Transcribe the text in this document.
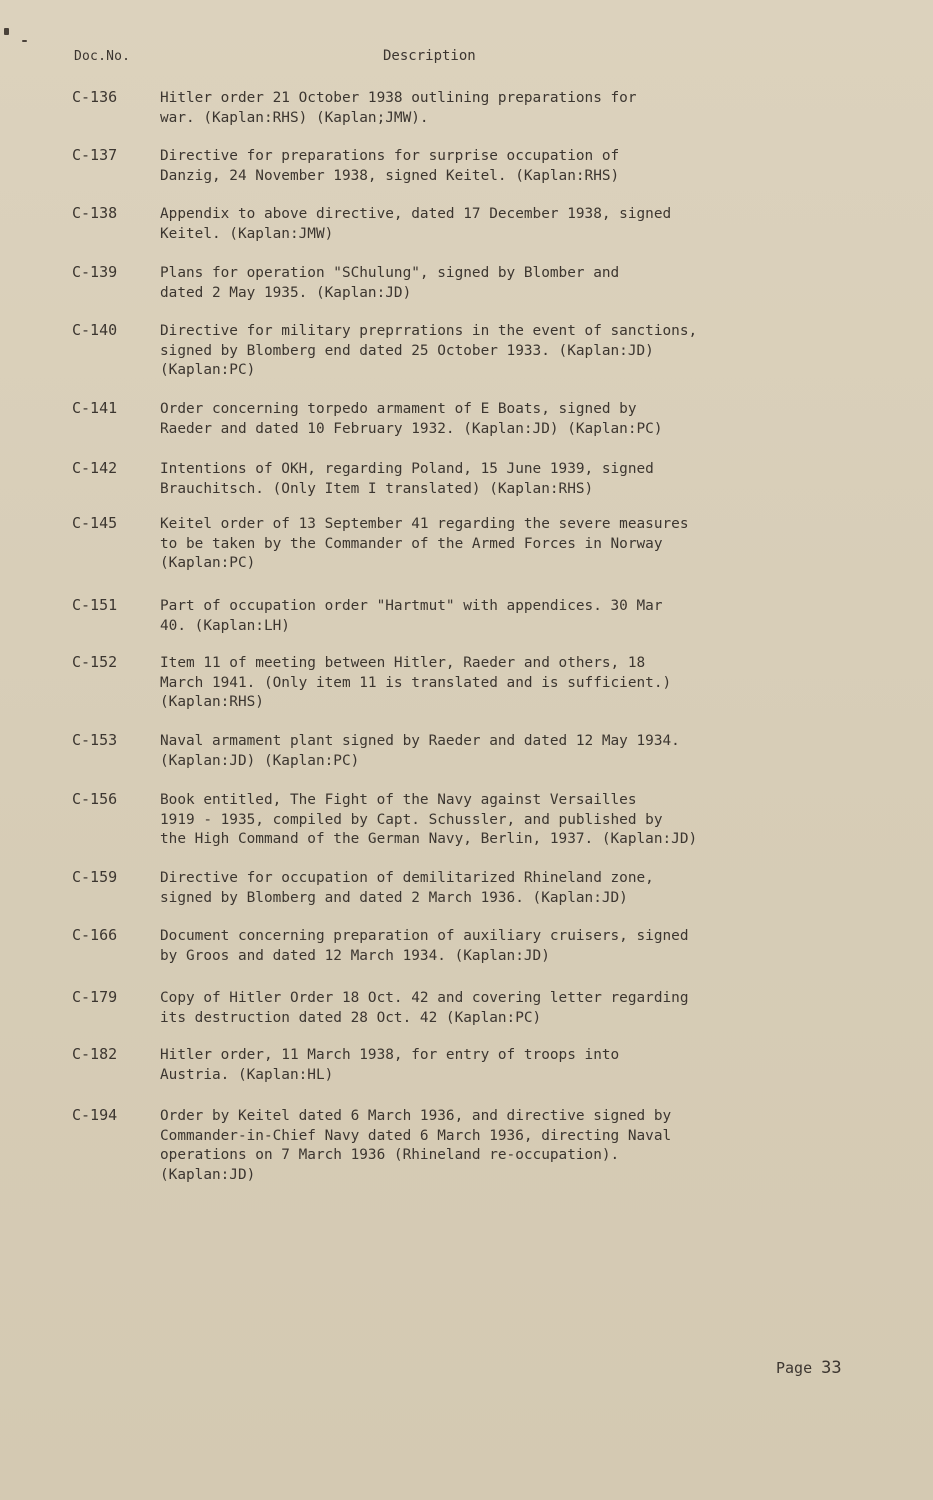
Doc.No.	Description
C-136	Hitler order 21 October 1938 outlining preparations for
war. (Kaplan:RHS) (Kaplan;JMW).
C-137	Directive for preparations for surprise occupation of
Danzig, 24 November 1938, signed Keitel. (Kaplan:RHS)
C-138	Appendix to above directive, dated 17 December 1938, signed
Keitel. (Kaplan:JMW)
C-139	Plans for operation "SChulung", signed by Blomber and
dated 2 May 1935. (Kaplan:JD)
C-140	Directive for military preprrations in the event of sanctions,
signed by Blomberg end dated 25 October 1933. (Kaplan:JD)
(Kaplan:PC)
C-141	Order concerning torpedo armament of E Boats, signed by
Raeder and dated 10 February 1932. (Kaplan:JD) (Kaplan:PC)
C-142	Intentions of OKH, regarding Poland, 15 June 1939, signed
Brauchitsch. (Only Item I translated) (Kaplan:RHS)
C-145	Keitel order of 13 September 41 regarding the severe measures
to be taken by the Commander of the Armed Forces in Norway
(Kaplan:PC)
C-151	Part of occupation order "Hartmut" with appendices. 30 Mar
40. (Kaplan:LH)
C-152	Item 11 of meeting between Hitler, Raeder and others, 18
March 1941. (Only item 11 is translated and is sufficient.)
(Kaplan:RHS)
C-153	Naval armament plant signed by Raeder and dated 12 May 1934.
(Kaplan:JD) (Kaplan:PC)
C-156	Book entitled, The Fight of the Navy against Versailles
1919 - 1935, compiled by Capt. Schussler, and published by
the High Command of the German Navy, Berlin, 1937. (Kaplan:JD)
C-159	Directive for occupation of demilitarized Rhineland zone,
signed by Blomberg and dated 2 March 1936. (Kaplan:JD)
C-166	Document concerning preparation of auxiliary cruisers, signed
by Groos and dated 12 March 1934. (Kaplan:JD)
C-179	Copy of Hitler Order 18 Oct. 42 and covering letter regarding
its destruction dated 28 Oct. 42 (Kaplan:PC)
C-182	Hitler order, 11 March 1938, for entry of troops into
Austria. (Kaplan:HL)
C-194	Order by Keitel dated 6 March 1936, and directive signed by
Commander-in-Chief Navy dated 6 March 1936, directing Naval
operations on 7 March 1936 (Rhineland re-occupation).
(Kaplan:JD)
Page 33
